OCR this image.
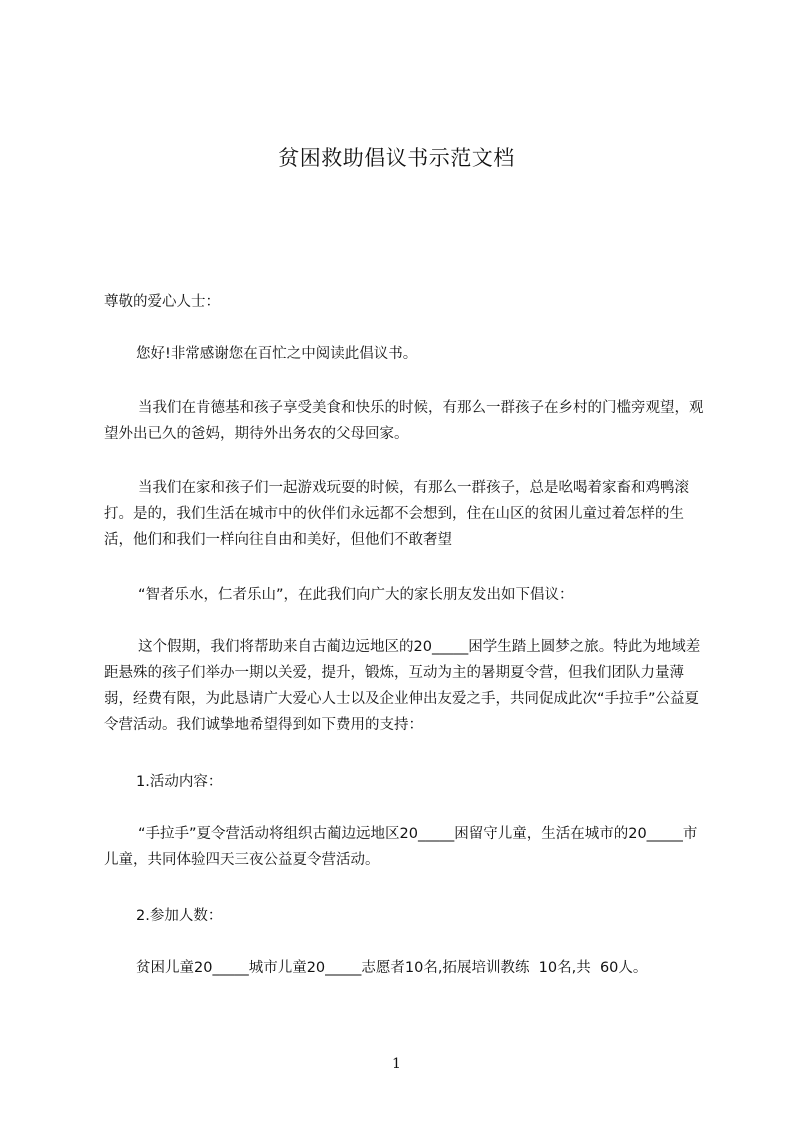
贫困救助倡议书示范文档

尊敬的爱心人士：

您好!非常感谢您在百忙之中阅读此倡议书。

当我们在肯德基和孩子享受美食和快乐的时候，有那么一群孩子在乡村的门槛旁观望，观望外出已久的爸妈，期待外出务农的父母回家。

当我们在家和孩子们一起游戏玩耍的时候，有那么一群孩子，总是吆喝着家畜和鸡鸭滚打。是的，我们生活在城市中的伙伴们永远都不会想到，住在山区的贫困儿童过着怎样的生活，他们和我们一样向往自由和美好，但他们不敢奢望

“智者乐水，仁者乐山”，在此我们向广大的家长朋友发出如下倡议：

这个假期，我们将帮助来自古蔺边远地区的20_____困学生踏上圆梦之旅。特此为地域差距悬殊的孩子们举办一期以关爱，提升，锻炼，互动为主的暑期夏令营，但我们团队力量薄弱，经费有限，为此恳请广大爱心人士以及企业伸出友爱之手，共同促成此次“手拉手”公益夏令营活动。我们诚挚地希望得到如下费用的支持：

1.活动内容：

“手拉手”夏令营活动将组织古蔺边远地区20_____困留守儿童，生活在城市的20_____市儿童，共同体验四天三夜公益夏令营活动。

2.参加人数：

贫困儿童20_____城市儿童20_____志愿者10名,拓展培训教练  10名,共  60人。

1
